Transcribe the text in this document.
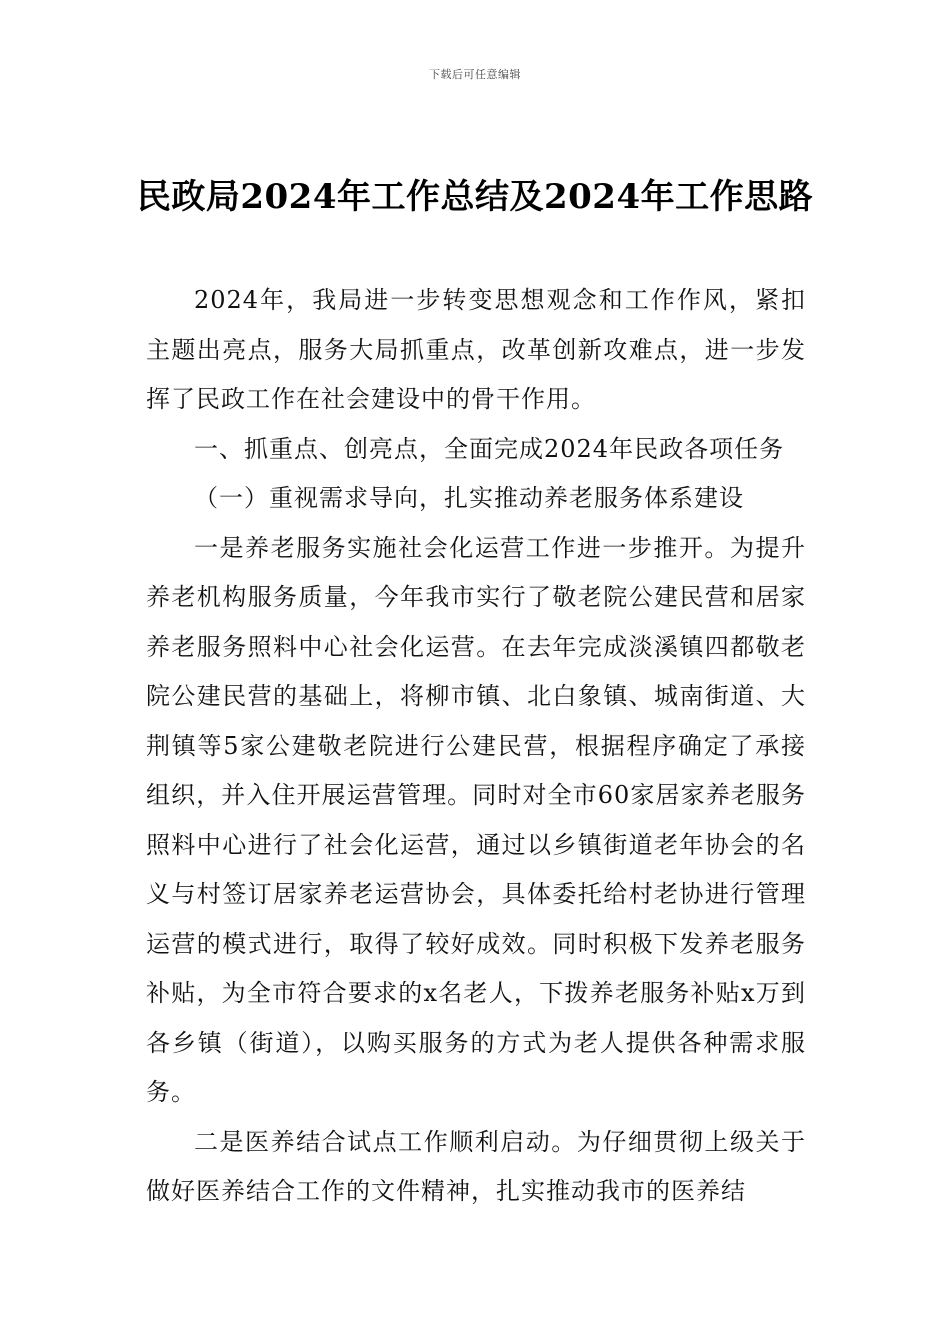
下载后可任意编辑
民政局2024年工作总结及2024年工作思路

2024年，我局进一步转变思想观念和工作作风，紧扣主题出亮点，服务大局抓重点，改革创新攻难点，进一步发挥了民政工作在社会建设中的骨干作用。

一、抓重点、创亮点，全面完成2024年民政各项任务

（一）重视需求导向，扎实推动养老服务体系建设

一是养老服务实施社会化运营工作进一步推开。为提升养老机构服务质量，今年我市实行了敬老院公建民营和居家养老服务照料中心社会化运营。在去年完成淡溪镇四都敬老院公建民营的基础上，将柳市镇、北白象镇、城南街道、大荆镇等5家公建敬老院进行公建民营，根据程序确定了承接组织，并入住开展运营管理。同时对全市60家居家养老服务照料中心进行了社会化运营，通过以乡镇街道老年协会的名义与村签订居家养老运营协会，具体委托给村老协进行管理运营的模式进行，取得了较好成效。同时积极下发养老服务补贴，为全市符合要求的x名老人，下拨养老服务补贴x万到各乡镇（街道），以购买服务的方式为老人提供各种需求服务。

二是医养结合试点工作顺利启动。为仔细贯彻上级关于做好医养结合工作的文件精神，扎实推动我市的医养结
